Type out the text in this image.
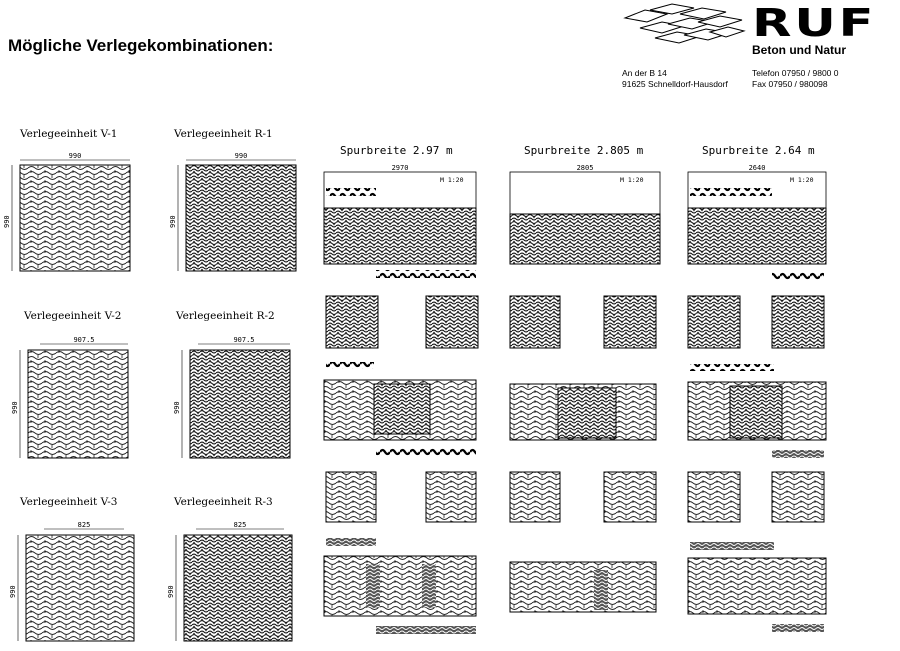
Mögliche Verlegekombinationen:
RUF
Beton und Natur
An der B 14
91625 Schnelldorf-Hausdorf
Telefon 07950 / 9800 0
Fax 07950 / 980098
Verlegeeinheit V-1	Verlegeeinheit R-1
Verlegeeinheit V-2	Verlegeeinheit R-2
Verlegeeinheit V-3	Verlegeeinheit R-3
990	990
907.5	907.5
825	825
990	990
990	990
990	990
Spurbreite 2.97 m	Spurbreite 2.805 m	Spurbreite 2.64 m
2970	2805	2640
M 1:20	M 1:20	M 1:20
